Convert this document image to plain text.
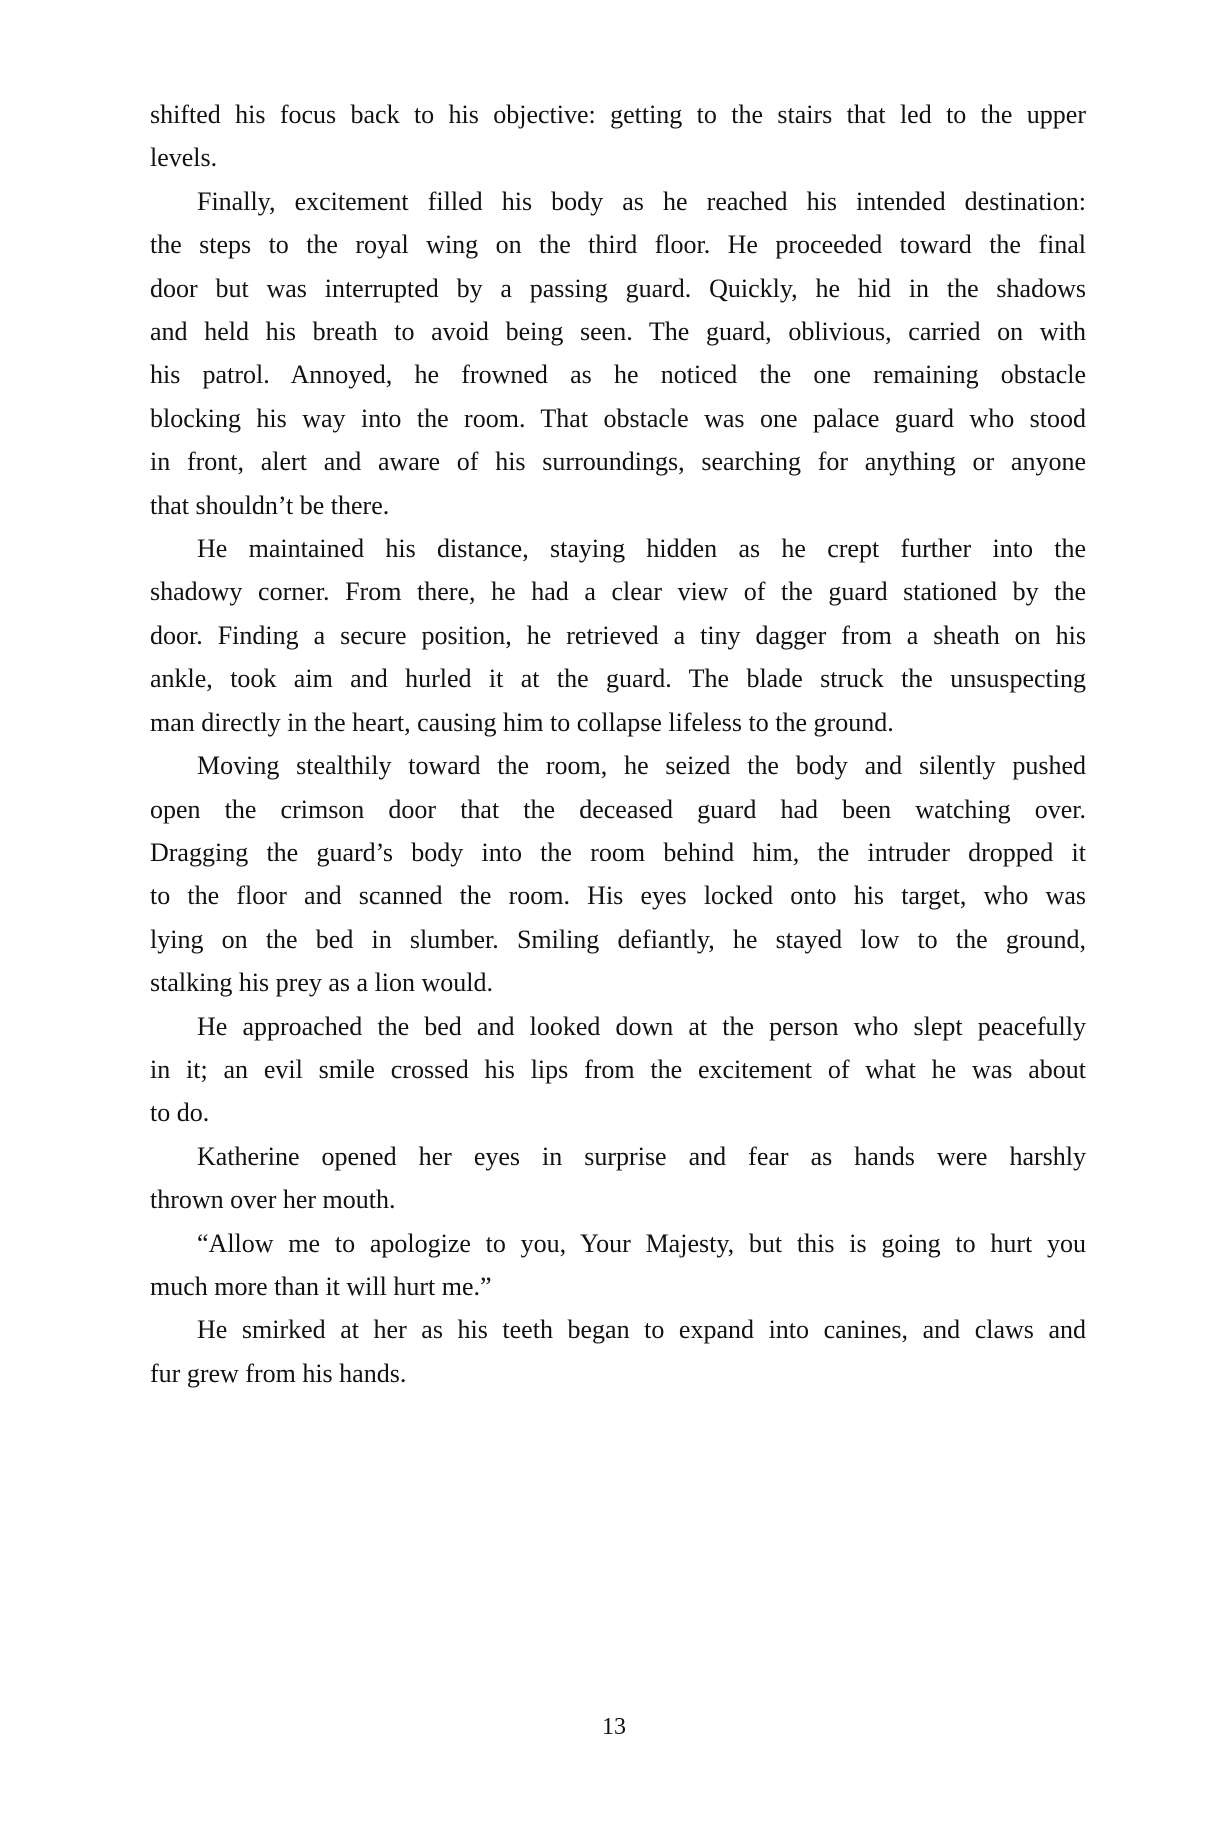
shifted his focus back to his objective: getting to the stairs that led to the upper
levels.
Finally, excitement filled his body as he reached his intended destination:
the steps to the royal wing on the third floor. He proceeded toward the final
door but was interrupted by a passing guard. Quickly, he hid in the shadows
and held his breath to avoid being seen. The guard, oblivious, carried on with
his patrol. Annoyed, he frowned as he noticed the one remaining obstacle
blocking his way into the room. That obstacle was one palace guard who stood
in front, alert and aware of his surroundings, searching for anything or anyone
that shouldn’t be there.
He maintained his distance, staying hidden as he crept further into the
shadowy corner. From there, he had a clear view of the guard stationed by the
door. Finding a secure position, he retrieved a tiny dagger from a sheath on his
ankle, took aim and hurled it at the guard. The blade struck the unsuspecting
man directly in the heart, causing him to collapse lifeless to the ground.
Moving stealthily toward the room, he seized the body and silently pushed
open the crimson door that the deceased guard had been watching over.
Dragging the guard’s body into the room behind him, the intruder dropped it
to the floor and scanned the room. His eyes locked onto his target, who was
lying on the bed in slumber. Smiling defiantly, he stayed low to the ground,
stalking his prey as a lion would.
He approached the bed and looked down at the person who slept peacefully
in it; an evil smile crossed his lips from the excitement of what he was about
to do.
Katherine opened her eyes in surprise and fear as hands were harshly
thrown over her mouth.
“Allow me to apologize to you, Your Majesty, but this is going to hurt you
much more than it will hurt me.”
He smirked at her as his teeth began to expand into canines, and claws and
fur grew from his hands.
13
